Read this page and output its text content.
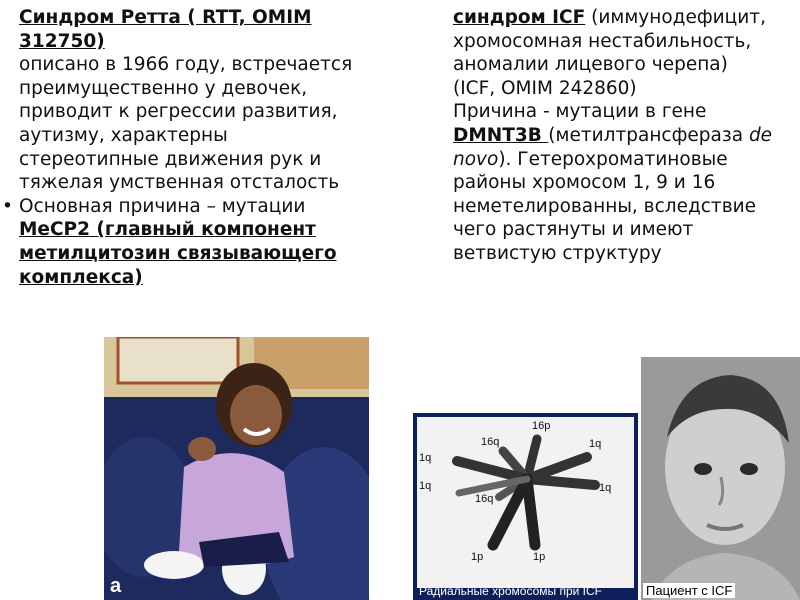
Синдром Ретта ( RTT, OMIM
312750)
описано в 1966 году, встречается
преимущественно у девочек,
приводит к регрессии развития,
аутизму, характерны
стереотипные движения рук и
тяжелая умственная отсталость
• Основная причина – мутации
MeCP2 (главный компонент
метилцитозин связывающего
комплекса)
синдром ICF (иммунодефицит,
хромосомная нестабильность,
аномалии лицевого черепа)
(ICF, OMIM 242860)
Причина - мутации в гене
DMNT3B (метилтрансфераза de
novo). Гетерохроматиновые
районы хромосом 1, 9 и 16
неметелированны, вследствие
чего растянуты и имеют
ветвистую структуру
a
16p
16q
1q
1q
1q
16q
1q
1p	1p
Радиальные хромосомы при ICF	Пациент с ICF
